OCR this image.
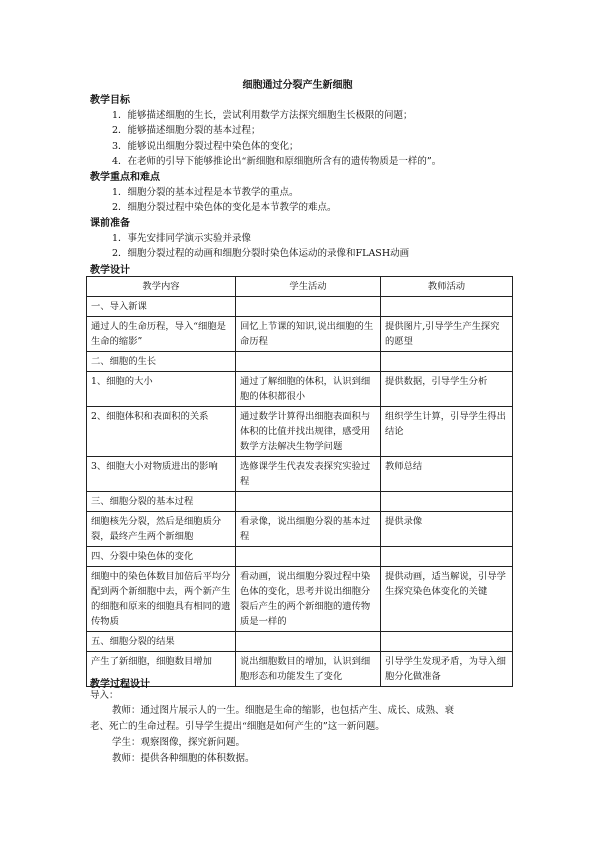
细胞通过分裂产生新细胞
教学目标
1．能够描述细胞的生长，尝试利用数学方法探究细胞生长极限的问题；
2．能够描述细胞分裂的基本过程；
3．能够说出细胞分裂过程中染色体的变化；
4．在老师的引导下能够推论出“新细胞和原细胞所含有的遗传物质是一样的”。
教学重点和难点
1．细胞分裂的基本过程是本节教学的重点。
2．细胞分裂过程中染色体的变化是本节教学的难点。
课前准备
1．事先安排同学演示实验并录像
2．细胞分裂过程的动画和细胞分裂时染色体运动的录像和FLASH动画
教学设计
教学内容	学生活动	教师活动
一、导入新课		
通过人的生命历程，导入“细胞是生命的缩影”	回忆上节课的知识,说出细胞的生命历程	提供图片,引导学生产生探究的愿望
二、细胞的生长		
1、细胞的大小	通过了解细胞的体积，认识到细胞的体积都很小	提供数据，引导学生分析
2、细胞体积和表面积的关系	通过数学计算得出细胞表面积与体积的比值并找出规律，感受用数学方法解决生物学问题	组织学生计算，引导学生得出结论
3、细胞大小对物质进出的影响	选修课学生代表发表探究实验过程	教师总结
三、细胞分裂的基本过程		
细胞核先分裂，然后是细胞质分裂，最终产生两个新细胞	看录像，说出细胞分裂的基本过程	提供录像
四、分裂中染色体的变化		
细胞中的染色体数目加倍后平均分配到两个新细胞中去，两个新产生的细胞和原来的细胞具有相同的遗传物质	看动画，说出细胞分裂过程中染色体的变化，思考并说出细胞分裂后产生的两个新细胞的遗传物质是一样的	提供动画，适当解说，引导学生探究染色体变化的关键
五、细胞分裂的结果		
产生了新细胞，细胞数目增加	说出细胞数目的增加，认识到细胞形态和功能发生了变化	引导学生发现矛盾，为导入细胞分化做准备
教学过程设计
导入：
教师：通过图片展示人的一生。细胞是生命的缩影，也包括产生、成长、成熟、衰
老、死亡的生命过程。引导学生提出“细胞是如何产生的”这一新问题。
学生：观察图像，探究新问题。
教师：提供各种细胞的体积数据。
